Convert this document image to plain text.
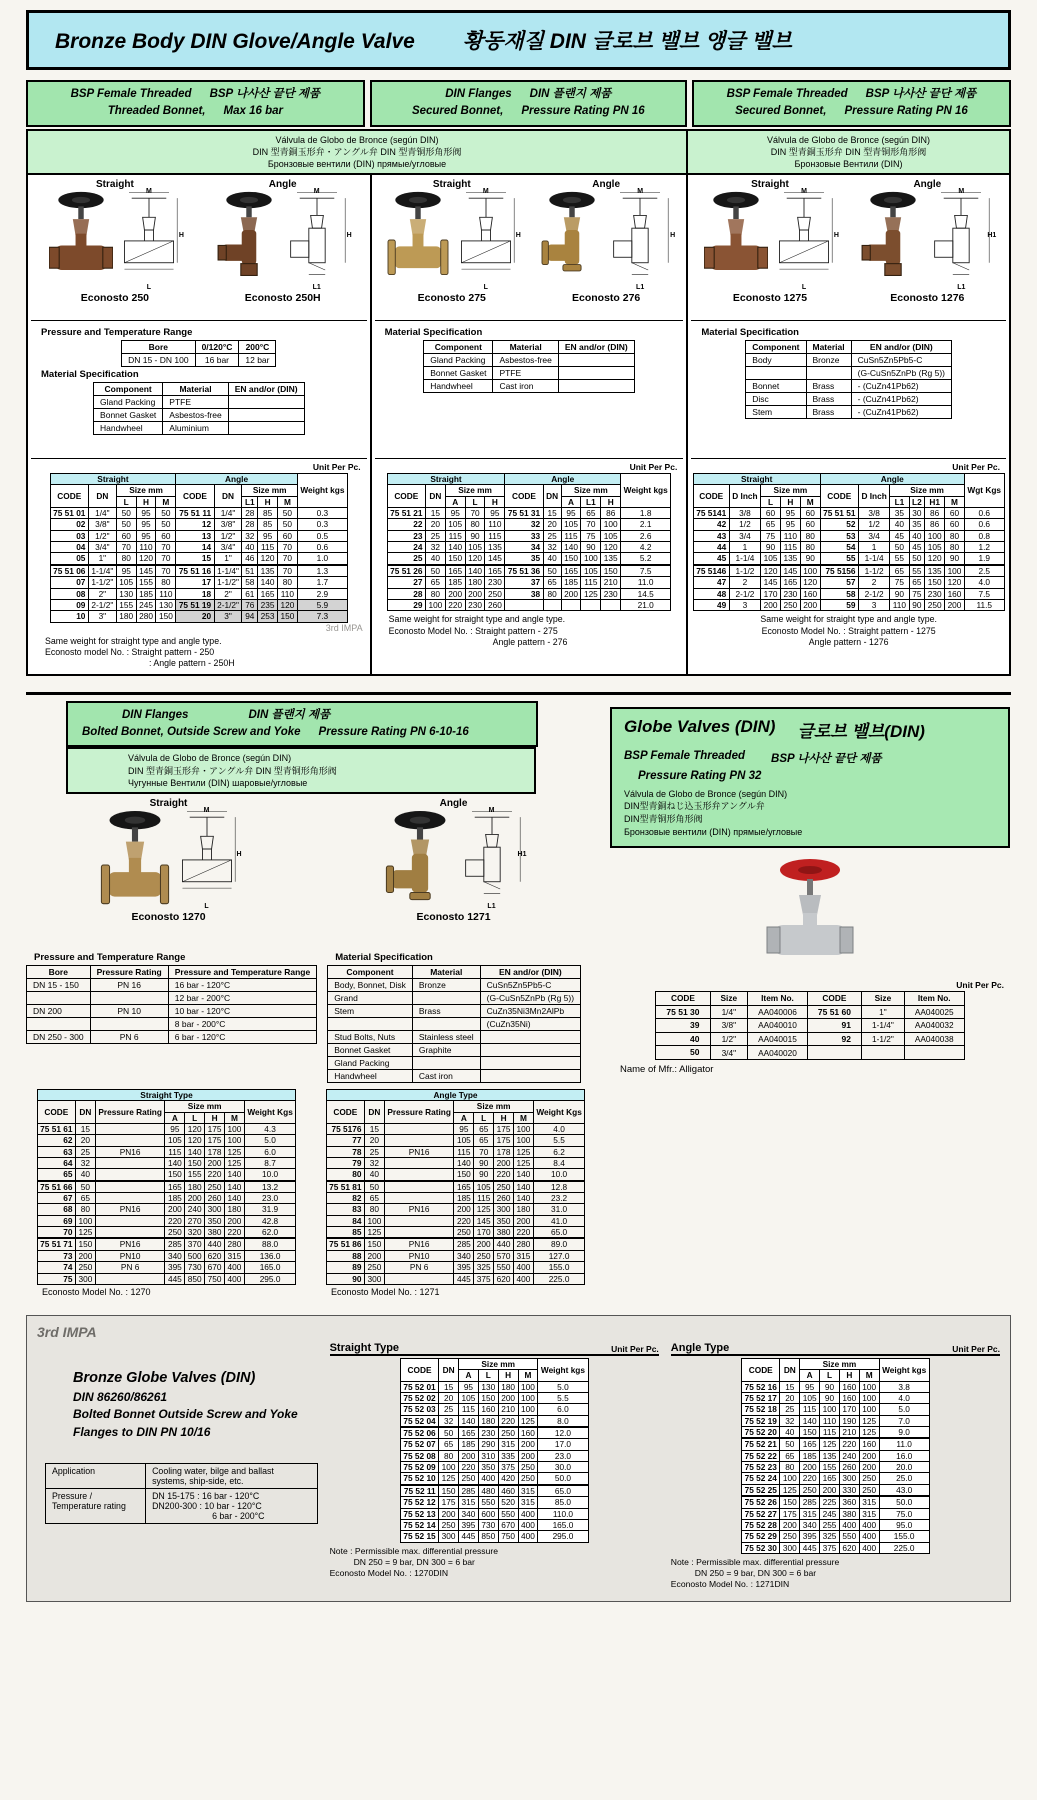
Bronze Body DIN Glove/Angle Valve 황동재질 DIN 글로브 밸브 앵글 밸브
BSP Female Threaded BSP 나사산 끝단 제품
Threaded Bonnet, Max 16 bar
DIN Flanges DIN 플랜지 제품
Secured Bonnet, Pressure Rating PN 16
BSP Female Threaded BSP 나사산 끝단 제품
Secured Bonnet, Pressure Rating PN 16
Válvula de Globo de Bronce (según DIN)
DIN 型青銅玉形弁・アングル弁 DIN 型青铜形角形阀
Бронзовые вентили (DIN) прямые/угловые
Válvula de Globo de Bronce (según DIN)
DIN 型青銅玉形弁 DIN 型青铜形角形阀
Бронзовые Вентили (DIN)
Straight
M
H
L
Econosto 250
Angle
M
H
L1
Econosto 250H
Pressure and Temperature Range
Bore	0/120°C	200°C
DN 15 - DN 100	16 bar	12 bar
Material Specification
Component	Material	EN and/or (DIN)
Gland Packing	PTFE	
Bonnet Gasket	Asbestos-free	
Handwheel	Aluminium	
Unit Per Pc.
Straight					Angle					Weight kgs
CODE	DN	Size mm			CODE	DN	Size mm			
		L	H	M			L1	H	M	
75 51 01	1/4"	50	95	50	75 51 11	1/4"	28	85	50	0.3
02	3/8"	50	95	50	12	3/8"	28	85	50	0.3
03	1/2"	60	95	60	13	1/2"	32	95	60	0.5
04	3/4"	70	110	70	14	3/4"	40	115	70	0.6
05	1"	80	120	70	15	1"	46	120	70	1.0
75 51 06	1-1/4"	95	145	70	75 51 16	1-1/4"	51	135	70	1.3
07	1-1/2"	105	155	80	17	1-1/2"	58	140	80	1.7
08	2"	130	185	110	18	2"	61	165	110	2.9
09	2-1/2"	155	245	130	75 51 19	2-1/2"	76	235	120	5.9
10	3"	180	280	150	20	3"	94	253	150	7.3
3rd IMPA
Same weight for straight type and angle type.
Econosto model No. : Straight pattern - 250
: Angle pattern - 250H
Straight
M
H
L
Econosto 275
Angle
M
H
L1
Econosto 276
Material Specification
Component	Material	EN and/or (DIN)
Gland Packing	Asbestos-free	
Bonnet Gasket	PTFE	
Handwheel	Cast iron	
Unit Per Pc.
Straight					Angle					Weight kgs
CODE	DN	Size mm			CODE	DN	Size mm			
		A	L	H			A	L1	H	
75 51 21	15	95	70	95	75 51 31	15	95	65	86	1.8
22	20	105	80	110	32	20	105	70	100	2.1
23	25	115	90	115	33	25	115	75	105	2.6
24	32	140	105	135	34	32	140	90	120	4.2
25	40	150	120	145	35	40	150	100	135	5.2
75 51 26	50	165	140	165	75 51 36	50	165	105	150	7.5
27	65	185	180	230	37	65	185	115	210	11.0
28	80	200	200	250	38	80	200	125	230	14.5
29	100	220	230	260						21.0
Same weight for straight type and angle type.
Econosto Model No. : Straight pattern - 275
Angle pattern - 276
Straight
M
H
L
Econosto 1275
Angle
M
H1
L1
Econosto 1276
Material Specification
Component	Material	EN and/or (DIN)
Body	Bronze	CuSn5Zn5Pb5-C
		(G-CuSn5ZnPb (Rg 5))
Bonnet	Brass	- (CuZn41Pb62)
Disc	Brass	- (CuZn41Pb62)
Stem	Brass	- (CuZn41Pb62)
Unit Per Pc.
Straight					Angle						Wgt Kgs
CODE	D Inch	Size mm			CODE	D Inch	Size mm				
		L	H	M			L1	L2	H1	M	
75 5141	3/8	60	95	60	75 51 51	3/8	35	30	86	60	0.6
42	1/2	65	95	60	52	1/2	40	35	86	60	0.6
43	3/4	75	110	80	53	3/4	45	40	100	80	0.8
44	1	90	115	80	54	1	50	45	105	80	1.2
45	1-1/4	105	135	90	55	1-1/4	55	50	120	90	1.9
75 5146	1-1/2	120	145	100	75 5156	1-1/2	65	55	135	100	2.5
47	2	145	165	120	57	2	75	65	150	120	4.0
48	2-1/2	170	230	160	58	2-1/2	90	75	230	160	7.5
49	3	200	250	200	59	3	110	90	250	200	11.5
Same weight for straight type and angle type.
Econosto Model No. : Straight pattern - 1275
Angle pattern - 1276
DIN Flanges	DIN 플랜지 제품
Bolted Bonnet, Outside Screw and Yoke Pressure Rating PN 6-10-16
Válvula de Globo de Bronce (según DIN)
DIN 型青銅玉形弁・アングル弁 DIN 型青铜形角形阀
Чугунные Вентили (DIN) шаровые/угловые
Straight
M
H
L
Econosto 1270
Angle
M
H1
L1
Econosto 1271
Pressure and Temperature Range
Bore	Pressure Rating	Pressure and Temperature Range
DN 15 - 150	PN 16	16 bar - 120°C
		12 bar - 200°C
DN 200	PN 10	10 bar - 120°C
		8 bar - 200°C
DN 250 - 300	PN 6	6 bar - 120°C
Material Specification
Component	Material	EN and/or (DIN)
Body, Bonnet, Disk	Bronze	CuSn5Zn5Pb5-C
Grand		(G-CuSn5ZnPb (Rg 5))
Stem	Brass	CuZn35Ni3Mn2AlPb
		(CuZn35Ni)
Stud Bolts, Nuts	Stainless steel	
Bonnet Gasket	Graphite	
Gland Packing		
Handwheel	Cast iron	
Straight Type							
CODE	DN	Pressure Rating	Size mm				Weight Kgs
			A	L	H	M	
75 51 61	15		95	120	175	100	4.3
62	20		105	120	175	100	5.0
63	25	PN16	115	140	178	125	6.0
64	32		140	150	200	125	8.7
65	40		150	155	220	140	10.0
75 51 66	50		165	180	250	140	13.2
67	65		185	200	260	140	23.0
68	80	PN16	200	240	300	180	31.9
69	100		220	270	350	200	42.8
70	125		250	320	380	220	62.0
75 51 71	150	PN16	285	370	440	280	88.0
73	200	PN10	340	500	620	315	136.0
74	250	PN 6	395	730	670	400	165.0
75	300		445	850	750	400	295.0
Econosto Model No. : 1270
Angle Type							
CODE	DN	Pressure Rating	Size mm				Weight Kgs
			A	L	H	M	
75 5176	15		95	65	175	100	4.0
77	20		105	65	175	100	5.5
78	25	PN16	115	70	178	125	6.2
79	32		140	90	200	125	8.4
80	40		150	90	220	140	10.0
75 51 81	50		165	105	250	140	12.8
82	65		185	115	260	140	23.2
83	80	PN16	200	125	300	180	31.0
84	100		220	145	350	200	41.0
85	125		250	170	380	220	65.0
75 51 86	150	PN16	285	200	440	280	89.0
88	200	PN10	340	250	570	315	127.0
89	250	PN 6	395	325	550	400	155.0
90	300		445	375	620	400	225.0
Econosto Model No. : 1271
Globe Valves (DIN) 글로브 밸브(DIN)
BSP Female Threaded BSP 나사산 끝단 제품
Pressure Rating PN 32
Válvula de Globo de Bronce (según DIN)
DIN型青銅ねじ込玉形弁アングル弁
DIN型青铜形角形阀
Бронзовые вентили (DIN) прямые/угловые
Unit Per Pc.
CODE	Size	Item No.	CODE	Size	Item No.
75 51 30	1/4"	AA040006	75 51 60	1"	AA040025
39	3/8"	AA040010	91	1-1/4"	AA040032
40	1/2"	AA040015	92	1-1/2"	AA040038
50	3/4"	AA040020			
Name of Mfr.: Alligator
3rd IMPA
Bronze Globe Valves (DIN)
DIN 86260/86261
Bolted Bonnet Outside Screw and Yoke
Flanges to DIN PN 10/16
Application	Cooling water, bilge and ballast systems, ship-side, etc.
Pressure / Temperature rating	DN 15-175 : 16 bar - 120°C
DN200-300 : 10 bar - 120°C
6 bar - 200°C
Straight Type	Unit Per Pc.
CODE	DN	Size mm				Weight kgs
		A	L	H	M	
75 52 01	15	95	130	180	100	5.0
75 52 02	20	105	150	200	100	5.5
75 52 03	25	115	160	210	100	6.0
75 52 04	32	140	180	220	125	8.0
75 52 06	50	165	230	250	160	12.0
75 52 07	65	185	290	315	200	17.0
75 52 08	80	200	310	335	200	23.0
75 52 09	100	220	350	375	250	30.0
75 52 10	125	250	400	420	250	50.0
75 52 11	150	285	480	460	315	65.0
75 52 12	175	315	550	520	315	85.0
75 52 13	200	340	600	550	400	110.0
75 52 14	250	395	730	670	400	165.0
75 52 15	300	445	850	750	400	295.0
Note : Permissible max. differential pressure
DN 250 = 9 bar, DN 300 = 6 bar
Econosto Model No. : 1270DIN
Angle Type	Unit Per Pc.
CODE	DN	Size mm				Weight kgs
		A	L	H	M	
75 52 16	15	95	90	160	100	3.8
75 52 17	20	105	90	160	100	4.0
75 52 18	25	115	100	170	100	5.0
75 52 19	32	140	110	190	125	7.0
75 52 20	40	150	115	210	125	9.0
75 52 21	50	165	125	220	160	11.0
75 52 22	65	185	135	240	200	16.0
75 52 23	80	200	155	260	200	20.0
75 52 24	100	220	165	300	250	25.0
75 52 25	125	250	200	330	250	43.0
75 52 26	150	285	225	360	315	50.0
75 52 27	175	315	245	380	315	75.0
75 52 28	200	340	255	400	400	95.0
75 52 29	250	395	325	550	400	155.0
75 52 30	300	445	375	620	400	225.0
Note : Permissible max. differential pressure
DN 250 = 9 bar, DN 300 = 6 bar
Econosto Model No. : 1271DIN
